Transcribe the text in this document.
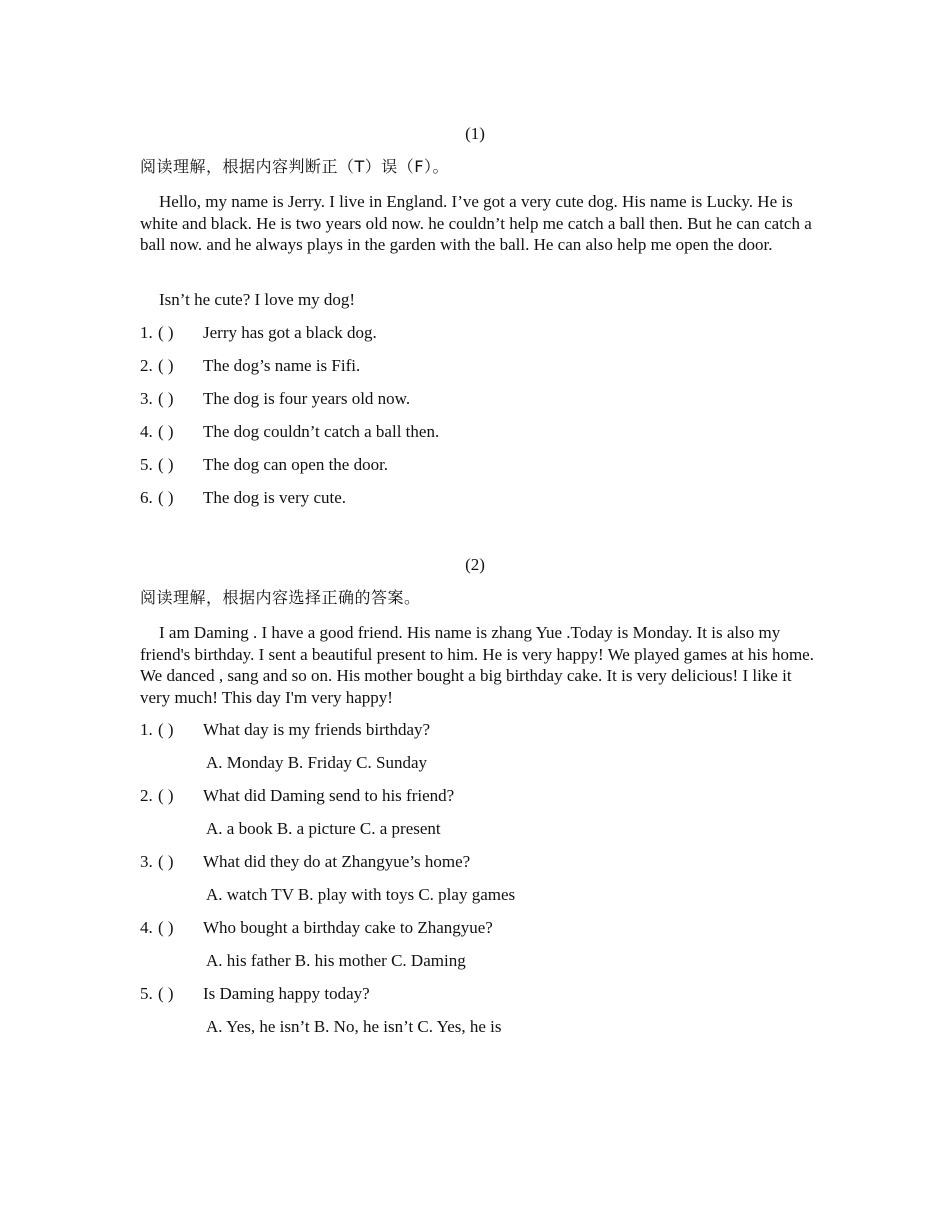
(1)
阅读理解，根据内容判断正（T）误（F）。
Hello, my name is Jerry. I live in England. I’ve got a very cute dog. His name is Lucky. He is white and black. He is two years old now. he couldn’t help me catch a ball then. But he can catch a ball now. and he always plays in the garden with the ball. He can also help me open the door.
Isn’t he cute? I love my dog!
1. ( ) Jerry has got a black dog.
2. ( ) The dog’s name is Fifi.
3. ( ) The dog is four years old now.
4. ( ) The dog couldn’t catch a ball then.
5. ( ) The dog can open the door.
6. ( ) The dog is very cute.
(2)
阅读理解，根据内容选择正确的答案。
I am Daming . I have a good friend. His name is zhang Yue .Today is Monday. It is also my friend's birthday. I sent a beautiful present to him. He is very happy! We played games at his home. We danced , sang and so on. His mother bought a big birthday cake. It is very delicious! I like it very much! This day I'm very happy!
1. ( ) What day is my friends birthday?
A. Monday B. Friday C. Sunday
2. ( ) What did Daming send to his friend?
A. a book B. a picture C. a present
3. ( ) What did they do at Zhangyue’s home?
A. watch TV B. play with toys C. play games
4. ( ) Who bought a birthday cake to Zhangyue?
A. his father B. his mother C. Daming
5. ( ) Is Daming happy today?
A. Yes, he isn’t B. No, he isn’t C. Yes, he is
